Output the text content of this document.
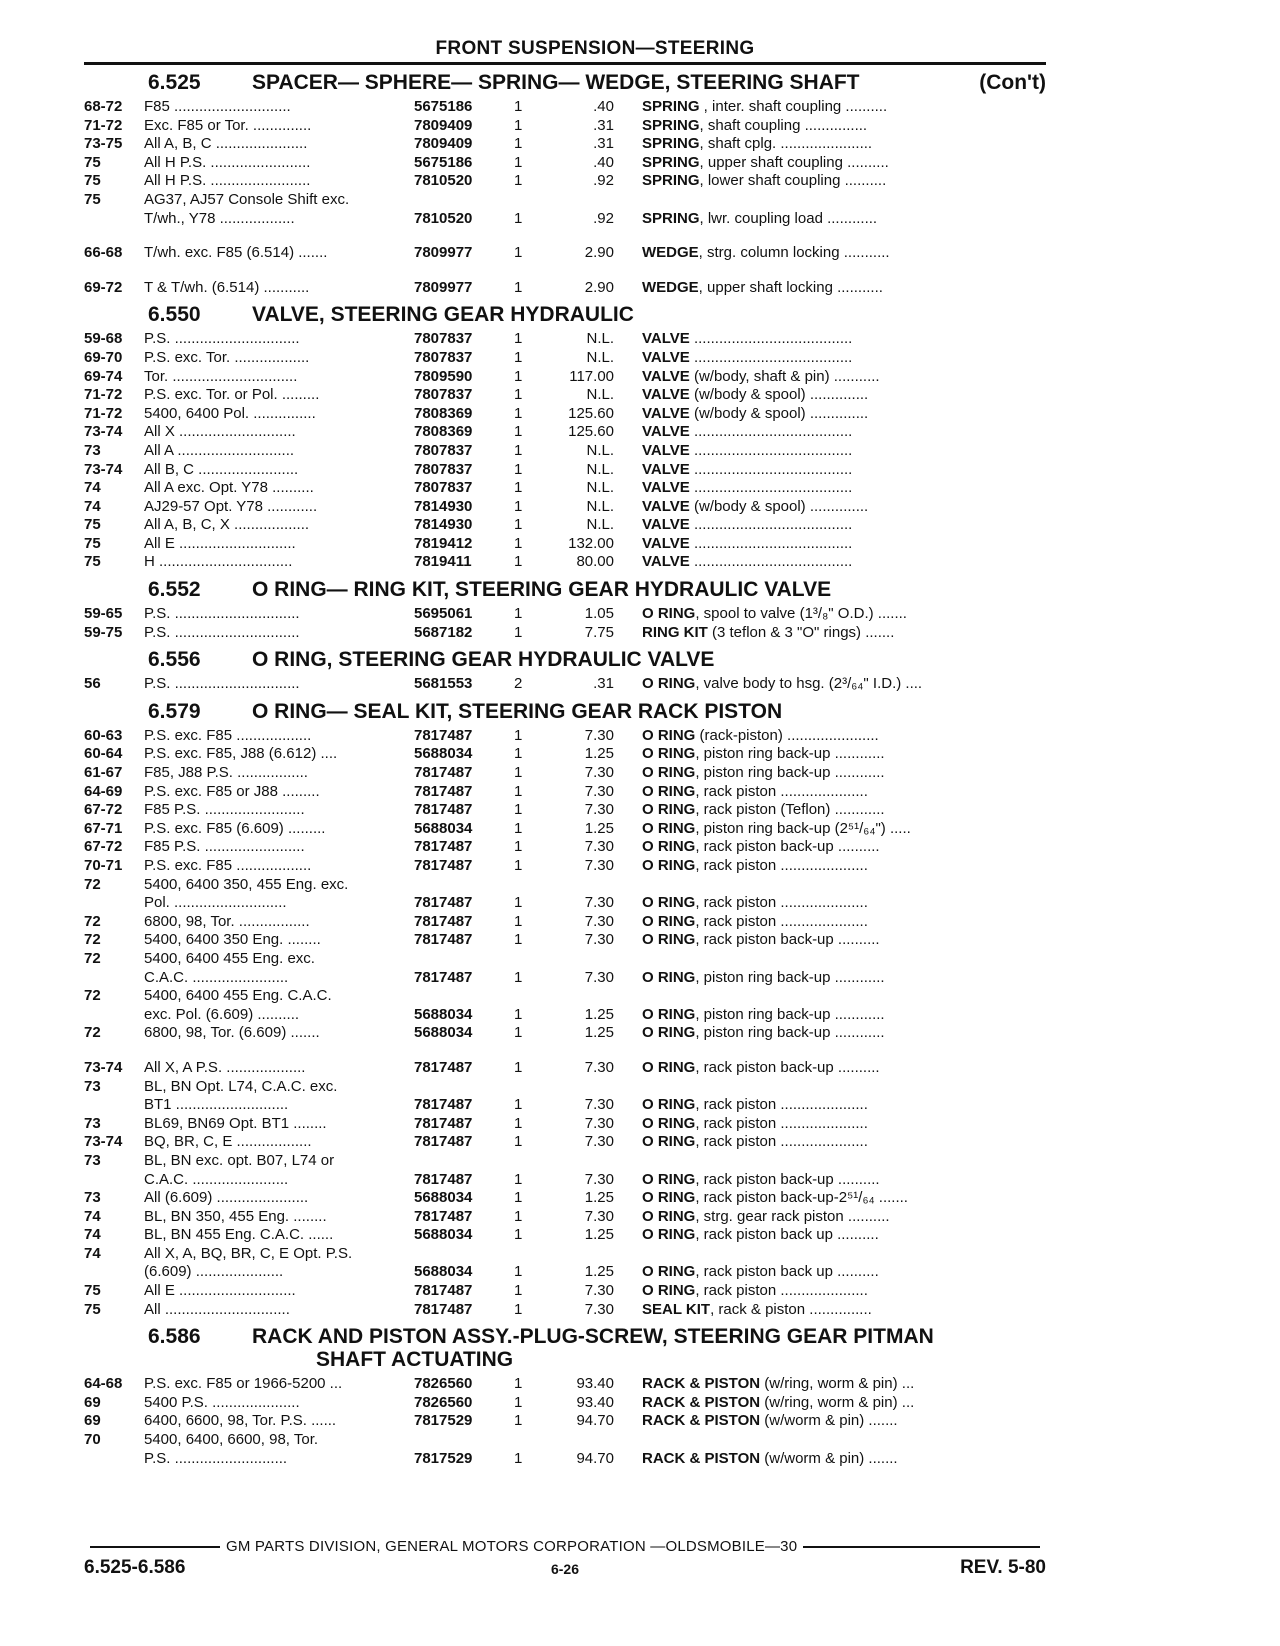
FRONT SUSPENSION—STEERING
6.525 SPACER— SPHERE— SPRING— WEDGE, STEERING SHAFT	(Con't)
68-72	F85 ............................	5675186	1	.40	SPRING , inter. shaft coupling ..........
71-72	Exc. F85 or Tor. ..............	7809409	1	.31	SPRING, shaft coupling ...............
73-75	All A, B, C ......................	7809409	1	.31	SPRING, shaft cplg. ......................
75	All H P.S. ........................	5675186	1	.40	SPRING, upper shaft coupling ..........
75	All H P.S. ........................	7810520	1	.92	SPRING, lower shaft coupling ..........
75	AG37, AJ57 Console Shift exc.
T/wh., Y78 ..................	7810520	1	.92	SPRING, lwr. coupling load ............
66-68	T/wh. exc. F85 (6.514) .......	7809977	1	2.90	WEDGE, strg. column locking ...........
69-72	T & T/wh. (6.514) ...........	7809977	1	2.90	WEDGE, upper shaft locking ...........
6.550 VALVE, STEERING GEAR HYDRAULIC
59-68	P.S. ..............................	7807837	1	N.L.	VALVE ......................................
69-70	P.S. exc. Tor. ..................	7807837	1	N.L.	VALVE ......................................
69-74	Tor. ..............................	7809590	1	117.00	VALVE (w/body, shaft & pin) ...........
71-72	P.S. exc. Tor. or Pol. .........	7807837	1	N.L.	VALVE (w/body & spool) ..............
71-72	5400, 6400 Pol. ...............	7808369	1	125.60	VALVE (w/body & spool) ..............
73-74	All X ............................	7808369	1	125.60	VALVE ......................................
73	All A ............................	7807837	1	N.L.	VALVE ......................................
73-74	All B, C ........................	7807837	1	N.L.	VALVE ......................................
74	All A exc. Opt. Y78 ..........	7807837	1	N.L.	VALVE ......................................
74	AJ29-57 Opt. Y78 ............	7814930	1	N.L.	VALVE (w/body & spool) ..............
75	All A, B, C, X ..................	7814930	1	N.L.	VALVE ......................................
75	All E ............................	7819412	1	132.00	VALVE ......................................
75	H ................................	7819411	1	80.00	VALVE ......................................
6.552 O RING— RING KIT, STEERING GEAR HYDRAULIC VALVE
59-65	P.S. ..............................	5695061	1	1.05	O RING, spool to valve (1³/₈" O.D.) .......
59-75	P.S. ..............................	5687182	1	7.75	RING KIT (3 teflon & 3 "O" rings) .......
6.556 O RING, STEERING GEAR HYDRAULIC VALVE
56	P.S. ..............................	5681553	2	.31	O RING, valve body to hsg. (2³/₆₄" I.D.) ....
6.579 O RING— SEAL KIT, STEERING GEAR RACK PISTON
60-63	P.S. exc. F85 ..................	7817487	1	7.30	O RING (rack-piston) ......................
60-64	P.S. exc. F85, J88 (6.612) ....	5688034	1	1.25	O RING, piston ring back-up ............
61-67	F85, J88 P.S. .................	7817487	1	7.30	O RING, piston ring back-up ............
64-69	P.S. exc. F85 or J88 .........	7817487	1	7.30	O RING, rack piston .....................
67-72	F85 P.S. ........................	7817487	1	7.30	O RING, rack piston (Teflon) ............
67-71	P.S. exc. F85 (6.609) .........	5688034	1	1.25	O RING, piston ring back-up (2⁵¹/₆₄") .....
67-72	F85 P.S. ........................	7817487	1	7.30	O RING, rack piston back-up ..........
70-71	P.S. exc. F85 ..................	7817487	1	7.30	O RING, rack piston .....................
72	5400, 6400 350, 455 Eng. exc.
Pol. ...........................	7817487	1	7.30	O RING, rack piston .....................
72	6800, 98, Tor. .................	7817487	1	7.30	O RING, rack piston .....................
72	5400, 6400 350 Eng. ........	7817487	1	7.30	O RING, rack piston back-up ..........
72	5400, 6400 455 Eng. exc.
C.A.C. .......................	7817487	1	7.30	O RING, piston ring back-up ............
72	5400, 6400 455 Eng. C.A.C.
exc. Pol. (6.609) ..........	5688034	1	1.25	O RING, piston ring back-up ............
72	6800, 98, Tor. (6.609) .......	5688034	1	1.25	O RING, piston ring back-up ............
73-74	All X, A P.S. ...................	7817487	1	7.30	O RING, rack piston back-up ..........
73	BL, BN Opt. L74, C.A.C. exc.
BT1 ...........................	7817487	1	7.30	O RING, rack piston .....................
73	BL69, BN69 Opt. BT1 ........	7817487	1	7.30	O RING, rack piston .....................
73-74	BQ, BR, C, E ..................	7817487	1	7.30	O RING, rack piston .....................
73	BL, BN exc. opt. B07, L74 or
C.A.C. .......................	7817487	1	7.30	O RING, rack piston back-up ..........
73	All (6.609) ......................	5688034	1	1.25	O RING, rack piston back-up-2⁵¹/₆₄ .......
74	BL, BN 350, 455 Eng. ........	7817487	1	7.30	O RING, strg. gear rack piston ..........
74	BL, BN 455 Eng. C.A.C. ......	5688034	1	1.25	O RING, rack piston back up ..........
74	All X, A, BQ, BR, C, E Opt. P.S.
(6.609) .....................	5688034	1	1.25	O RING, rack piston back up ..........
75	All E ............................	7817487	1	7.30	O RING, rack piston .....................
75	All ..............................	7817487	1	7.30	SEAL KIT, rack & piston ...............
6.586 RACK AND PISTON ASSY.-PLUG-SCREW, STEERING GEAR PITMAN
SHAFT ACTUATING
64-68	P.S. exc. F85 or 1966-5200 ...	7826560	1	93.40	RACK & PISTON (w/ring, worm & pin) ...
69	5400 P.S. .....................	7826560	1	93.40	RACK & PISTON (w/ring, worm & pin) ...
69	6400, 6600, 98, Tor. P.S. ......	7817529	1	94.70	RACK & PISTON (w/worm & pin) .......
70	5400, 6400, 6600, 98, Tor.
P.S. ...........................	7817529	1	94.70	RACK & PISTON (w/worm & pin) .......
GM PARTS DIVISION, GENERAL MOTORS CORPORATION —OLDSMOBILE—30
6.525-6.586	6-26	REV. 5-80
